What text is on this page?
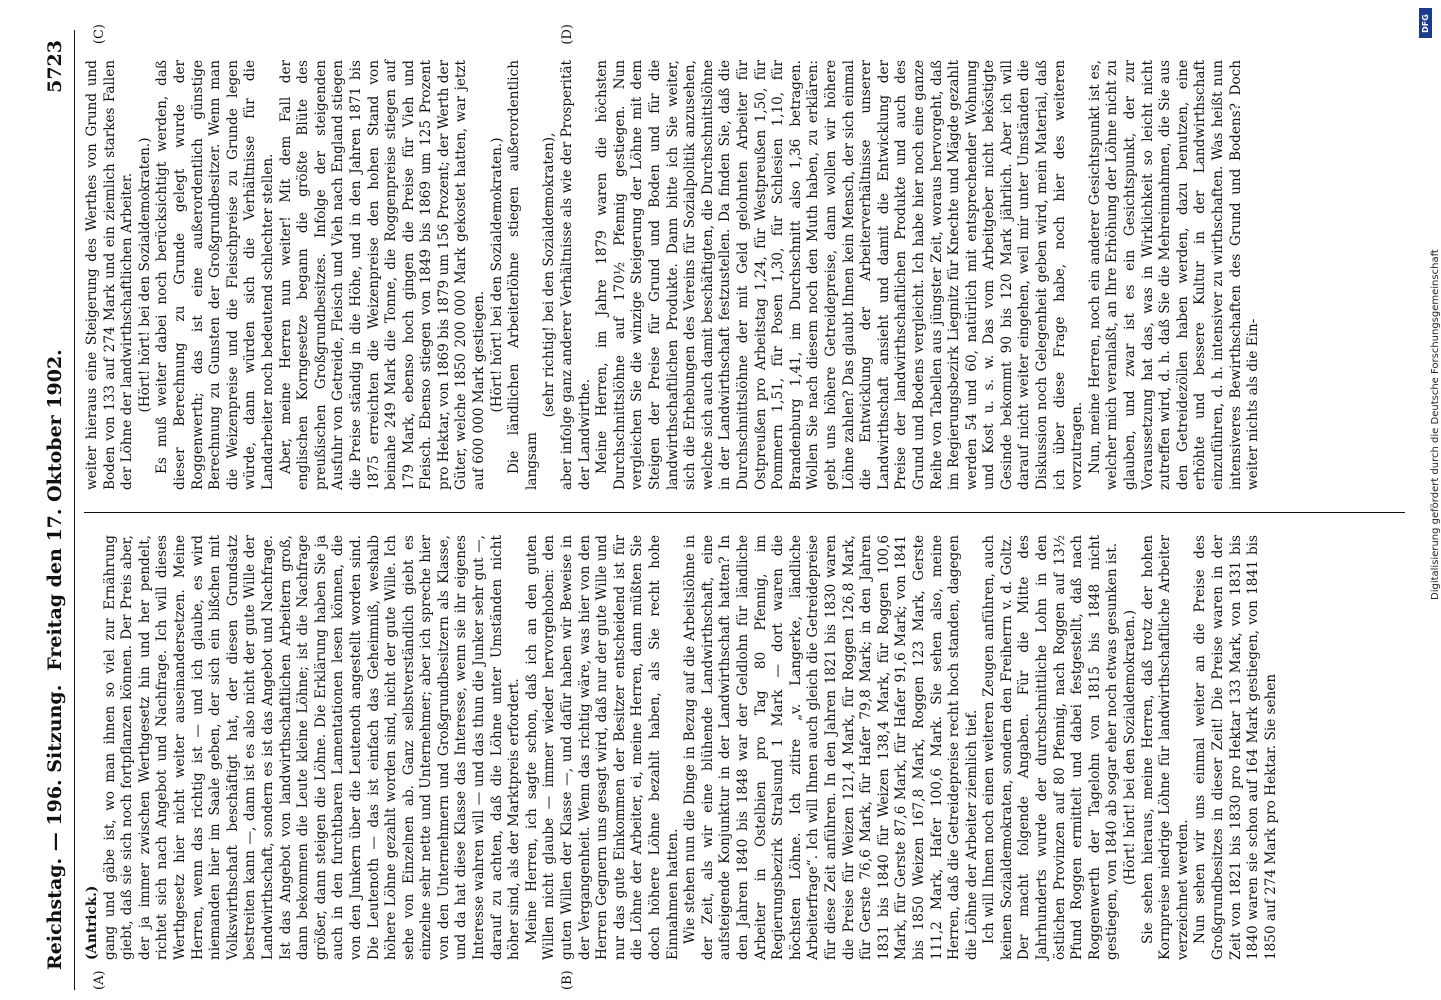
Reichstag. — 196. Sitzung.
Freitag den 17. Oktober 1902.
5723
(A)	(B)
(C)	(D)

(Antrick.) gang und gäbe ist, wo man ihnen so viel zur Ernährung giebt, daß sie sich noch fortpflanzen können. Der Preis aber, der ja immer zwischen Werthgesetz hin und her pendelt, richtet sich nach Angebot und Nachfrage. Ich will dieses Werthgesetz hier nicht weiter auseinandersetzen. Meine Herren, wenn das richtig ist — und ich glaube, es wird niemanden hier im Saale geben, der sich ein bißchen mit Volkswirthschaft beschäftigt hat, der diesen Grundsatz bestreiten kann —, dann ist es also nicht der gute Wille der Landwirthschaft, sondern es ist das Angebot und Nachfrage. Ist das Angebot von landwirthschaftlichen Arbeitern groß, dann bekommen die Leute kleine Löhne; ist die Nachfrage größer, dann steigen die Löhne. Die Erklärung haben Sie ja auch in den furchtbaren Lamentationen lesen können, die von den Junkern über die Leutenoth angestellt worden sind. Die Leutenoth — das ist einfach das Geheimniß, weshalb höhere Löhne gezahlt worden sind, nicht der gute Wille. Ich sehe von Einzelnen ab. Ganz selbstverständlich giebt es einzelne sehr nette und Unternehmer; aber ich spreche hier von den Unternehmern und Großgrundbesitzern als Klasse, und da hat diese Klasse das Interesse, wenn sie ihr eigenes Interesse wahren will — und das thun die Junker sehr gut —, darauf zu achten, daß die Löhne unter Umständen nicht höher sind, als der Marktpreis erfordert. Meine Herren, ich sagte schon, daß ich an den guten Willen nicht glaube — immer wieder hervorgehoben: den guten Willen der Klasse —, und dafür haben wir Beweise in der Vergangenheit. Wenn das richtig wäre, was hier von den Herren Gegnern uns gesagt wird, daß nur der gute Wille und nur das gute Einkommen der Besitzer entscheidend ist für die Löhne der Arbeiter, ei, meine Herren, dann müßten Sie doch höhere Löhne bezahlt haben, als Sie recht hohe Einnahmen hatten. Wie stehen nun die Dinge in Bezug auf die Arbeitslöhne in der Zeit, als wir eine blühende Landwirthschaft, eine aufsteigende Konjunktur in der Landwirthschaft hatten? In den Jahren 1840 bis 1848 war der Geldlohn für ländliche Arbeiter in Ostelbien pro Tag 80 Pfennig, im Regierungsbezirk Stralsund 1 Mark — dort waren die höchsten Löhne. Ich zitire „v. Langerke, ländliche Arbeiterfrage“. Ich will Ihnen auch gleich die Getreidepreise für diese Zeit anführen. In den Jahren 1821 bis 1830 waren die Preise für Weizen 121,4 Mark, für Roggen 126,8 Mark, für Gerste 76,6 Mark, für Hafer 79,8 Mark; in den Jahren 1831 bis 1840 für Weizen 138,4 Mark, für Roggen 100,6 Mark, für Gerste 87,6 Mark, für Hafer 91,6 Mark; von 1841 bis 1850 Weizen 167,8 Mark, Roggen 123 Mark, Gerste 111,2 Mark, Hafer 100,6 Mark. Sie sehen also, meine Herren, daß die Getreidepreise recht hoch standen, dagegen die Löhne der Arbeiter ziemlich tief. Ich will Ihnen noch einen weiteren Zeugen anführen, auch keinen Sozialdemokraten, sondern den Freiherrn v. d. Goltz. Der macht folgende Angaben. Für die Mitte des Jahrhunderts wurde der durchschnittliche Lohn in den östlichen Provinzen auf 80 Pfennig, nach Roggen auf 13½ Pfund Roggen ermittelt und dabei festgestellt, daß nach Roggenwerth der Tagelohn von 1815 bis 1848 nicht gestiegen, von 1840 ab sogar eher noch etwas gesunken ist. (Hört! hört! bei den Sozialdemokraten.) Sie sehen hieraus, meine Herren, daß trotz der hohen Kornpreise niedrige Löhne für landwirthschaftliche Arbeiter verzeichnet werden. Nun sehen wir uns einmal weiter an die Preise des Großgrundbesitzes in dieser Zeit! Die Preise waren in der Zeit von 1821 bis 1830 pro Hektar 133 Mark, von 1831 bis 1840 waren sie schon auf 164 Mark gestiegen, von 1841 bis 1850 auf 274 Mark pro Hektar. Sie sehen

weiter hieraus eine Steigerung des Werthes von Grund und Boden von 133 auf 274 Mark und ein ziemlich starkes Fallen der Löhne der landwirthschaftlichen Arbeiter. (Hört! hört! bei den Sozialdemokraten.) Es muß weiter dabei noch berücksichtigt werden, daß dieser Berechnung zu Grunde gelegt wurde der Roggenwerth; das ist eine außerordentlich günstige Berechnung zu Gunsten der Großgrundbesitzer. Wenn man die Weizenpreise und die Fleischpreise zu Grunde legen würde, dann würden sich die Verhältnisse für die Landarbeiter noch bedeutend schlechter stellen. Aber, meine Herren nun weiter! Mit dem Fall der englischen Korngesetze begann die größte Blüte des preußischen Großgrundbesitzes. Infolge der steigenden Ausfuhr von Getreide, Fleisch und Vieh nach England stiegen die Preise ständig in die Höhe, und in den Jahren 1871 bis 1875 erreichten die Weizenpreise den hohen Stand von beinahe 249 Mark die Tonne, die Roggenpreise stiegen auf 179 Mark, ebenso hoch gingen die Preise für Vieh und Fleisch. Ebenso stiegen von 1849 bis 1869 um 125 Prozent pro Hektar, von 1869 bis 1879 um 156 Prozent; der Werth der Güter, welche 1850 200 000 Mark gekostet hatten, war jetzt auf 600 000 Mark gestiegen. (Hört! hört! bei den Sozialdemokraten.) Die ländlichen Arbeiterlöhne stiegen außerordentlich langsam

(sehr richtig! bei den Sozialdemokraten), aber infolge ganz anderer Verhältnisse als wie der Prosperität der Landwirthe. Meine Herren, im Jahre 1879 waren die höchsten Durchschnittslöhne auf 170½ Pfennig gestiegen. Nun vergleichen Sie die winzige Steigerung der Löhne mit dem Steigen der Preise für Grund und Boden und für die landwirthschaftlichen Produkte. Dann bitte ich Sie weiter, sich die Erhebungen des Vereins für Sozialpolitik anzusehen, welche sich auch damit beschäftigten, die Durchschnittslöhne in der Landwirthschaft festzustellen. Da finden Sie, daß die Durchschnittslöhne der mit Geld gelohnten Arbeiter für Ostpreußen pro Arbeitstag 1,24, für Westpreußen 1,50, für Pommern 1,51, für Posen 1,30, für Schlesien 1,10, für Brandenburg 1,41, im Durchschnitt also 1,36 betragen. Wollen Sie nach diesem noch den Muth haben, zu erklären: gebt uns höhere Getreidepreise, dann wollen wir höhere Löhne zahlen? Das glaubt Ihnen kein Mensch, der sich einmal die Entwicklung der Arbeiterverhältnisse unserer Landwirthschaft ansieht und damit die Entwicklung der Preise der landwirthschaftlichen Produkte und auch des Grund und Bodens vergleicht. Ich habe hier noch eine ganze Reihe von Tabellen aus jüngster Zeit, woraus hervorgeht, daß im Regierungsbezirk Liegnitz für Knechte und Mägde gezahlt werden 54 und 60, natürlich mit entsprechender Wohnung und Kost u. s. w. Das vom Arbeitgeber nicht beköstigte Gesinde bekommt 90 bis 120 Mark jährlich. Aber ich will darauf nicht weiter eingehen, weil mir unter Umständen die Diskussion noch Gelegenheit geben wird, mein Material, daß ich über diese Frage habe, noch hier des weiteren vorzutragen. Nun, meine Herren, noch ein anderer Gesichtspunkt ist es, welcher mich veranlaßt, an Ihre Erhöhung der Löhne nicht zu glauben, und zwar ist es ein Gesichtspunkt, der zur Voraussetzung hat das, was in Wirklichkeit so leicht nicht zutreffen wird, d. h. daß Sie die Mehreinnahmen, die Sie aus den Getreidezöllen haben werden, dazu benutzen, eine erhöhte und bessere Kultur in der Landwirthschaft einzuführen, d. h. intensiver zu wirthschaften. Was heißt nun intensiveres Bewirthschaften des Grund und Bodens? Doch weiter nichts als die Ein-

DFG
Digitalisierung gefördert durch die Deutsche Forschungsgemeinschaft
